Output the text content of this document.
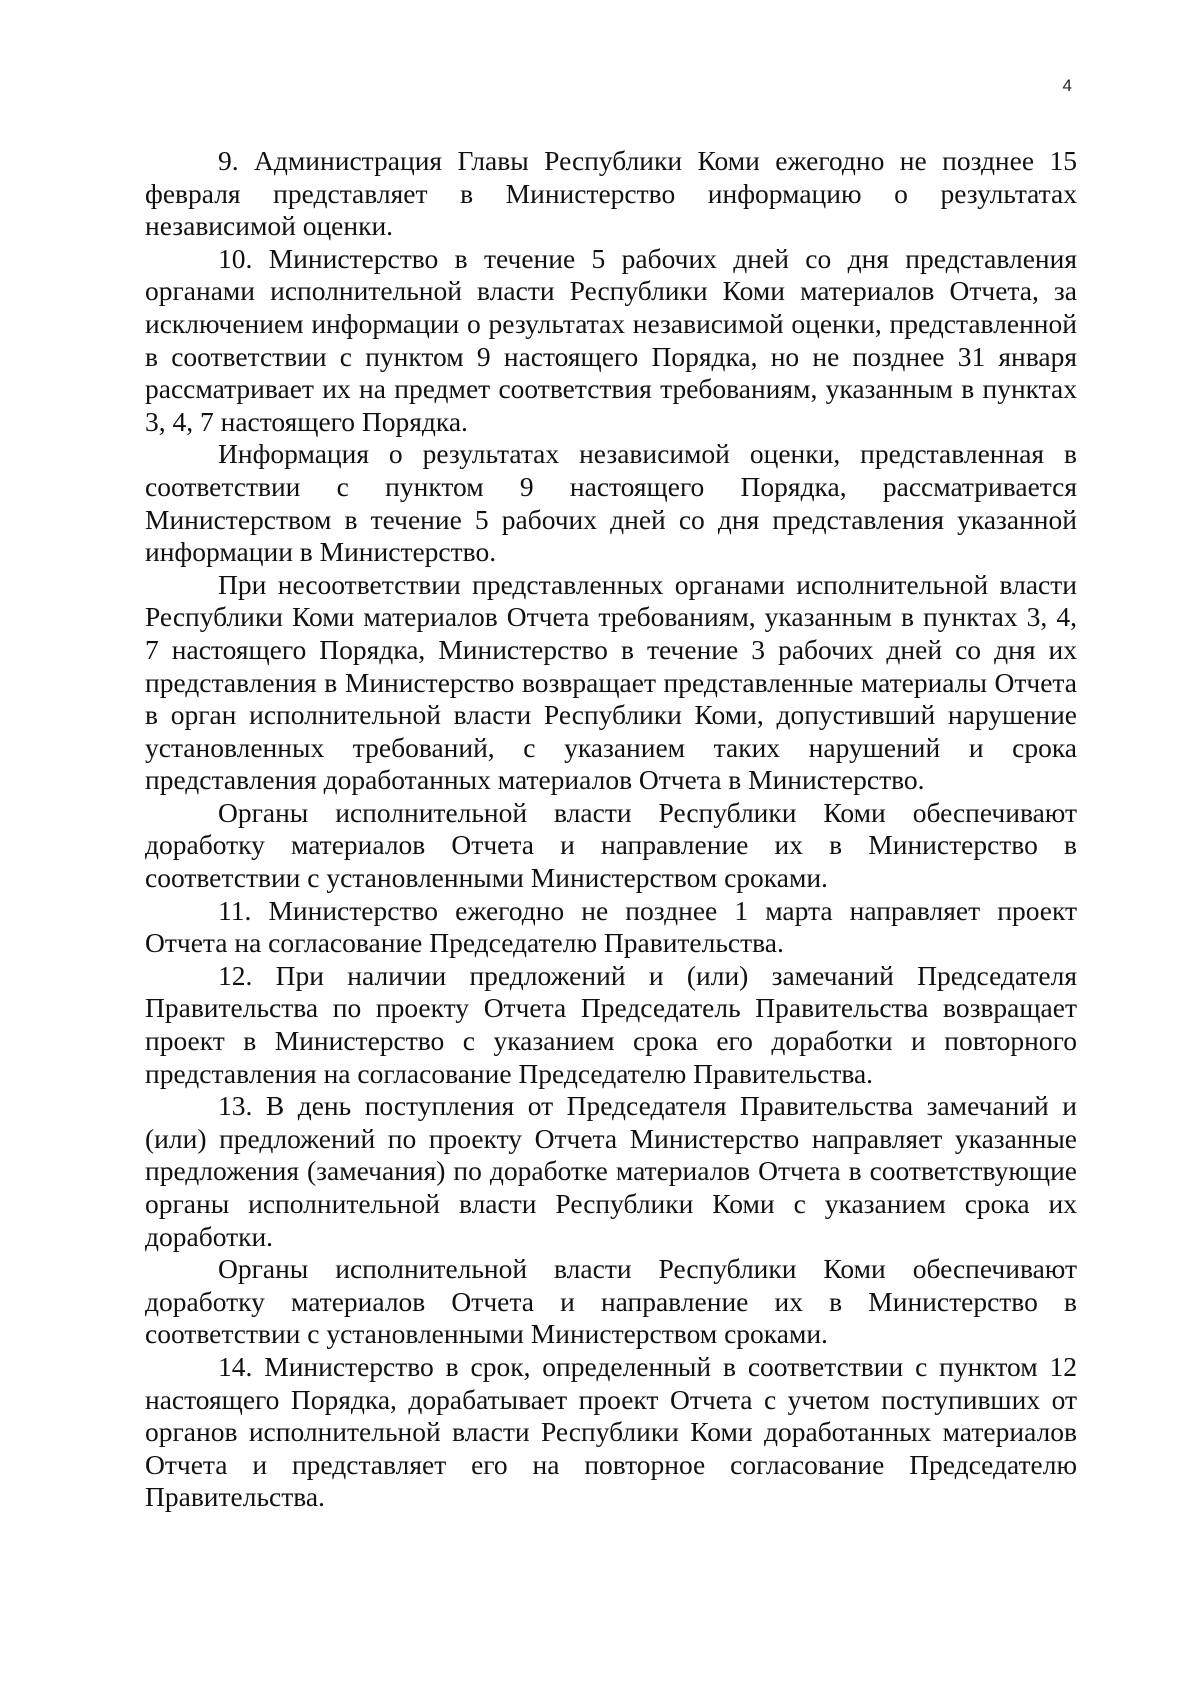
4

9. Администрация Главы Республики Коми ежегодно не позднее 15 февраля представляет в Министерство информацию о результатах независимой оценки.

10. Министерство в течение 5 рабочих дней со дня представления органами исполнительной власти Республики Коми материалов Отчета, за исключением информации о результатах независимой оценки, представленной в соответствии с пунктом 9 настоящего Порядка, но не позднее 31 января рассматривает их на предмет соответствия требованиям, указанным в пунктах 3, 4, 7 настоящего Порядка.

Информация о результатах независимой оценки, представленная в соответствии с пунктом 9 настоящего Порядка, рассматривается Министерством в течение 5 рабочих дней со дня представления указанной информации в Министерство.

При несоответствии представленных органами исполнительной власти Республики Коми материалов Отчета требованиям, указанным в пунктах 3, 4, 7 настоящего Порядка, Министерство в течение 3 рабочих дней со дня их представления в Министерство возвращает представленные материалы Отчета в орган исполнительной власти Республики Коми, допустивший нарушение установленных требований, с указанием таких нарушений и срока представления доработанных материалов Отчета в Министерство.

Органы исполнительной власти Республики Коми обеспечивают доработку материалов Отчета и направление их в Министерство в соответствии с установленными Министерством сроками.

11. Министерство ежегодно не позднее 1 марта направляет проект Отчета на согласование Председателю Правительства.

12. При наличии предложений и (или) замечаний Председателя Правительства по проекту Отчета Председатель Правительства возвращает проект в Министерство с указанием срока его доработки и повторного представления на согласование Председателю Правительства.

13. В день поступления от Председателя Правительства замечаний и (или) предложений по проекту Отчета Министерство направляет указанные предложения (замечания) по доработке материалов Отчета в соответствующие органы исполнительной власти Республики Коми с указанием срока их доработки.

Органы исполнительной власти Республики Коми обеспечивают доработку материалов Отчета и направление их в Министерство в соответствии с установленными Министерством сроками.

14. Министерство в срок, определенный в соответствии с пунктом 12 настоящего Порядка, дорабатывает проект Отчета с учетом поступивших от органов исполнительной власти Республики Коми доработанных материалов Отчета и представляет его на повторное согласование Председателю Правительства.
